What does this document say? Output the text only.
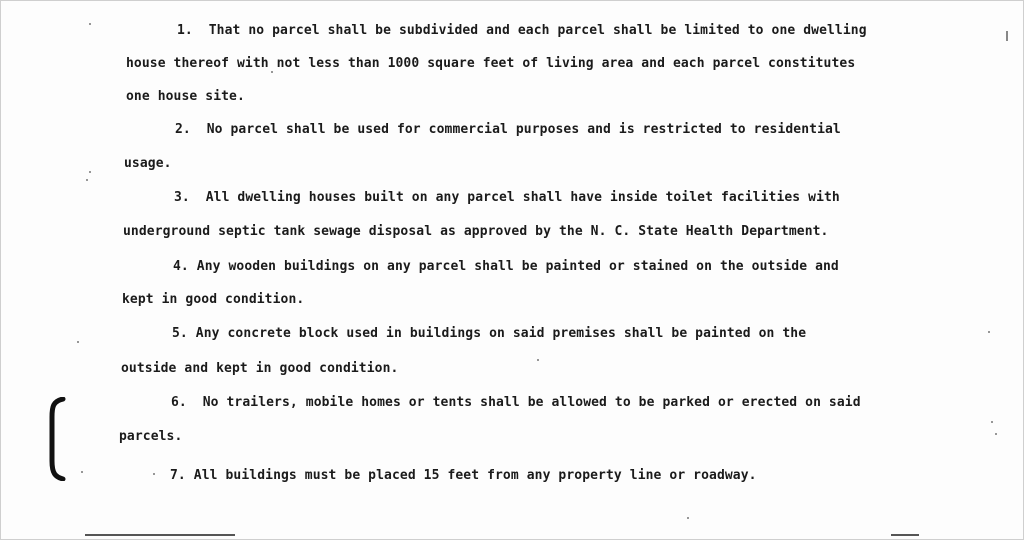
1. That no parcel shall be subdivided and each parcel shall be limited to one dwelling
house thereof with not less than 1000 square feet of living area and each parcel constitutes
one house site.
2. No parcel shall be used for commercial purposes and is restricted to residential
usage.
3. All dwelling houses built on any parcel shall have inside toilet facilities with
underground septic tank sewage disposal as approved by the N. C. State Health Department.
4. Any wooden buildings on any parcel shall be painted or stained on the outside and
kept in good condition.
5. Any concrete block used in buildings on said premises shall be painted on the
outside and kept in good condition.
6. No trailers, mobile homes or tents shall be allowed to be parked or erected on said
parcels.
7. All buildings must be placed 15 feet from any property line or roadway.
